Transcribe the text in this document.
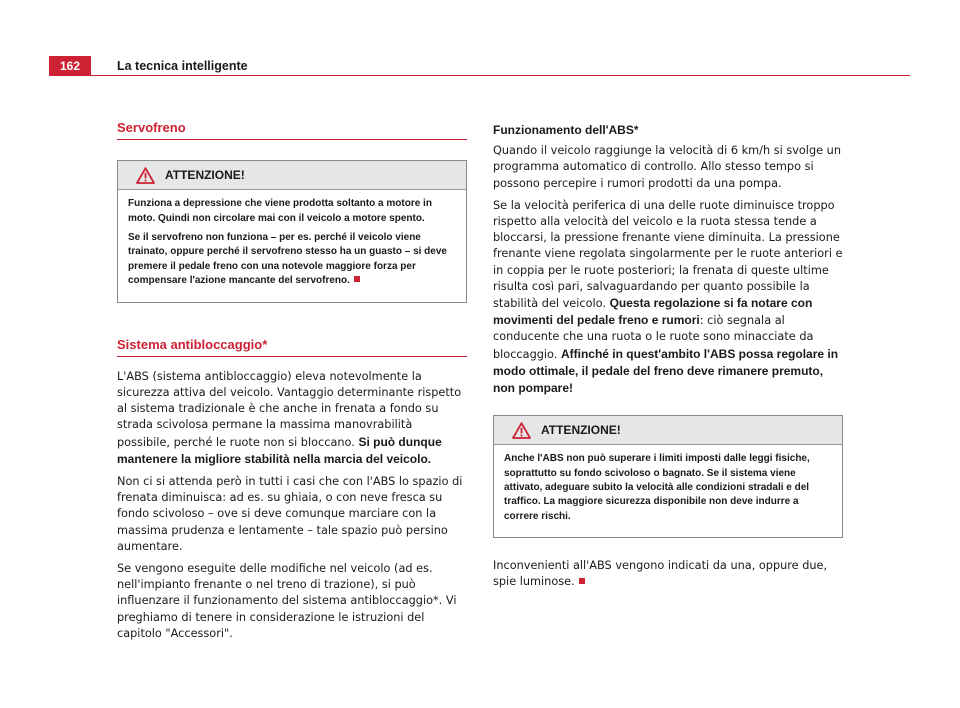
162	La tecnica intelligente
Servofreno
ATTENZIONE!

Funziona a depressione che viene prodotta soltanto a motore in moto. Quindi non circolare mai con il veicolo a motore spento.

Se il servofreno non funziona – per es. perché il veicolo viene trainato, oppure perché il servofreno stesso ha un guasto – si deve premere il pedale freno con una notevole maggiore forza per compensare l'azione mancante del servofreno.

Sistema antibloccaggio*

L'ABS (sistema antibloccaggio) eleva notevolmente la sicurezza attiva del veicolo. Vantaggio determinante rispetto al sistema tradizionale è che anche in frenata a fondo su strada scivolosa permane la massima manovrabilità possibile, perché le ruote non si bloccano. Si può dunque mantenere la migliore stabilità nella marcia del veicolo.

Non ci si attenda però in tutti i casi che con l'ABS lo spazio di frenata diminuisca: ad es. su ghiaia, o con neve fresca su fondo scivoloso – ove si deve comunque marciare con la massima prudenza e lentamente – tale spazio può persino aumentare.

Se vengono eseguite delle modifiche nel veicolo (ad es. nell'impianto frenante o nel treno di trazione), si può influenzare il funzionamento del sistema antibloccaggio*. Vi preghiamo di tenere in considerazione le istruzioni del capitolo "Accessori".

Funzionamento dell'ABS*

Quando il veicolo raggiunge la velocità di 6 km/h si svolge un programma automatico di controllo. Allo stesso tempo si possono percepire i rumori prodotti da una pompa.

Se la velocità periferica di una delle ruote diminuisce troppo rispetto alla velocità del veicolo e la ruota stessa tende a bloccarsi, la pressione frenante viene diminuita. La pressione frenante viene regolata singolarmente per le ruote anteriori e in coppia per le ruote posteriori; la frenata di queste ultime risulta così pari, salvaguardando per quanto possibile la stabilità del veicolo. Questa regolazione si fa notare con movimenti del pedale freno e rumori: ciò segnala al conducente che una ruota o le ruote sono minacciate da bloccaggio. Affinché in quest'ambito l'ABS possa regolare in modo ottimale, il pedale del freno deve rimanere premuto, non pompare!

ATTENZIONE!

Anche l'ABS non può superare i limiti imposti dalle leggi fisiche, soprattutto su fondo scivoloso o bagnato. Se il sistema viene attivato, adeguare subito la velocità alle condizioni stradali e del traffico. La maggiore sicurezza disponibile non deve indurre a correre rischi.

Inconvenienti all'ABS vengono indicati da una, oppure due, spie luminose.
